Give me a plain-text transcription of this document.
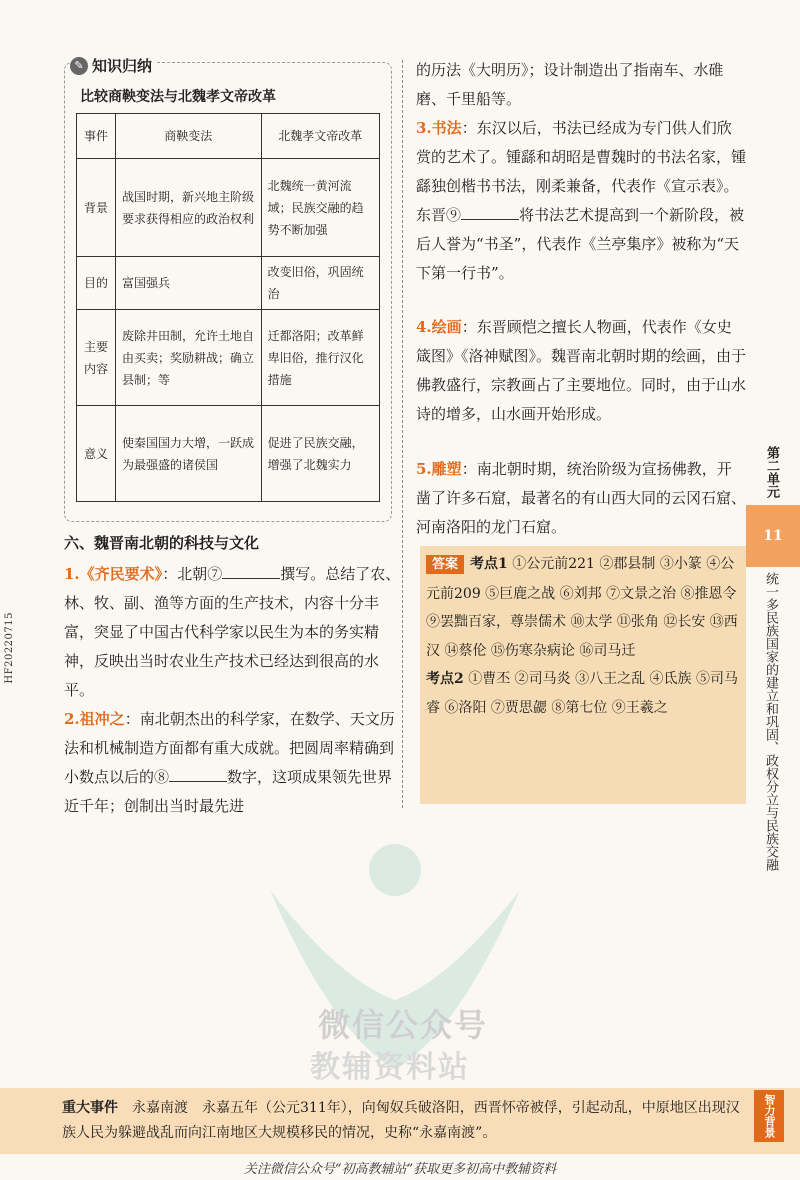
HF20220715
✎ 知识归纳
比较商鞅变法与北魏孝文帝改革
事件	商鞅变法	北魏孝文帝改革
背景	战国时期，新兴地主阶级要求获得相应的政治权利	北魏统一黄河流域；民族交融的趋势不断加强
目的	富国强兵	改变旧俗，巩固统治
主要内容	废除井田制，允许土地自由买卖；奖励耕战；确立县制；等	迁都洛阳；改革鲜卑旧俗，推行汉化措施
意义	使秦国国力大增，一跃成为最强盛的诸侯国	促进了民族交融，增强了北魏实力
六、魏晋南北朝的科技与文化
1.《齐民要术》：北朝⑦	撰写。总结了农、林、牧、副、渔等方面的生产技术，内容十分丰富，突显了中国古代科学家以民生为本的务实精神，反映出当时农业生产技术已经达到很高的水平。
2.祖冲之：南北朝杰出的科学家，在数学、天文历法和机械制造方面都有重大成就。把圆周率精确到小数点以后的⑧	数字，这项成果领先世界近千年；创制出当时最先进
的历法《大明历》；设计制造出了指南车、水碓磨、千里船等。
3.书法：东汉以后，书法已经成为专门供人们欣赏的艺术了。锺繇和胡昭是曹魏时的书法名家，锺繇独创楷书书法，刚柔兼备，代表作《宣示表》。东晋⑨	将书法艺术提高到一个新阶段，被后人誉为“书圣”，代表作《兰亭集序》被称为“天下第一行书”。
4.绘画：东晋顾恺之擅长人物画，代表作《女史箴图》《洛神赋图》。魏晋南北朝时期的绘画，由于佛教盛行，宗教画占了主要地位。同时，由于山水诗的增多，山水画开始形成。
5.雕塑：南北朝时期，统治阶级为宣扬佛教，开凿了许多石窟，最著名的有山西大同的云冈石窟、河南洛阳的龙门石窟。
答案 考点1 ①公元前221 ②郡县制 ③小篆 ④公元前209 ⑤巨鹿之战 ⑥刘邦 ⑦文景之治 ⑧推恩令 ⑨罢黜百家，尊崇儒术 ⑩太学 ⑪张角 ⑫长安 ⑬西汉 ⑭蔡伦 ⑮伤寒杂病论 ⑯司马迁
考点2 ①曹丕 ②司马炎 ③八王之乱 ④氐族 ⑤司马睿 ⑥洛阳 ⑦贾思勰 ⑧第七位 ⑨王羲之
第二单元
11
统一多民族国家的建立和巩固、政权分立与民族交融
微信公众号
教辅资料站
重大事件　 永嘉南渡　永嘉五年（公元311年），向匈奴兵破洛阳，西晋怀帝被俘，引起动乱，中原地区出现汉族人民为躲避战乱而向江南地区大规模移民的情况，史称“永嘉南渡”。	智力背景
关注微信公众号“初高教辅站”获取更多初高中教辅资料
